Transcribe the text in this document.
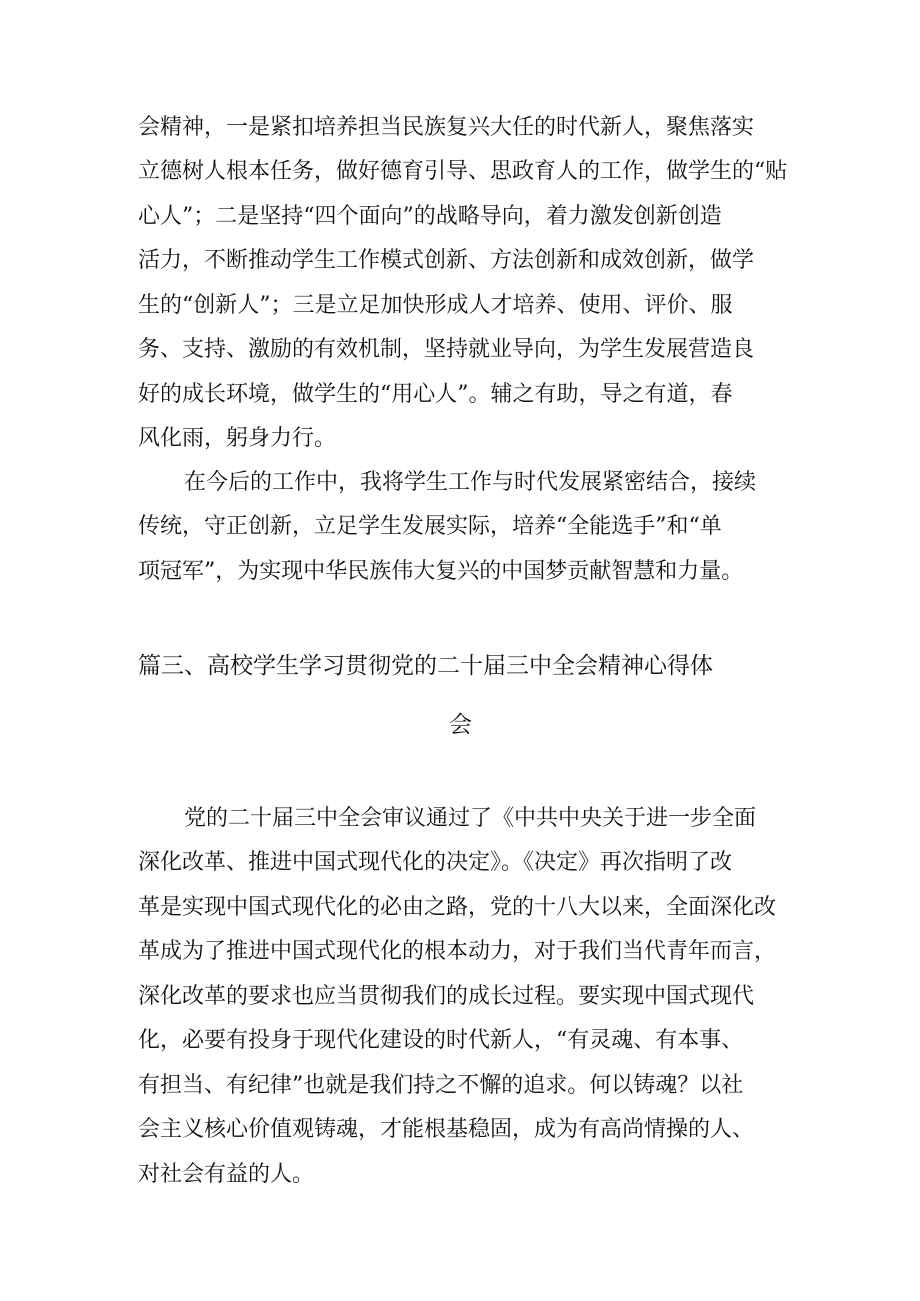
会精神，一是紧扣培养担当民族复兴大任的时代新人，聚焦落实
立德树人根本任务，做好德育引导、思政育人的工作，做学生的“贴
心人”；二是坚持“四个面向”的战略导向，着力激发创新创造
活力，不断推动学生工作模式创新、方法创新和成效创新，做学
生的“创新人”；三是立足加快形成人才培养、使用、评价、服
务、支持、激励的有效机制，坚持就业导向，为学生发展营造良
好的成长环境，做学生的“用心人”。辅之有助，导之有道，春
风化雨，躬身力行。
在今后的工作中，我将学生工作与时代发展紧密结合，接续
传统，守正创新，立足学生发展实际，培养“全能选手”和“单
项冠军”，为实现中华民族伟大复兴的中国梦贡献智慧和力量。
篇三、高校学生学习贯彻党的二十届三中全会精神心得体
会
党的二十届三中全会审议通过了《中共中央关于进一步全面
深化改革、推进中国式现代化的决定》。《决定》再次指明了改
革是实现中国式现代化的必由之路，党的十八大以来，全面深化改
革成为了推进中国式现代化的根本动力，对于我们当代青年而言，
深化改革的要求也应当贯彻我们的成长过程。要实现中国式现代
化，必要有投身于现代化建设的时代新人，“有灵魂、有本事、
有担当、有纪律”也就是我们持之不懈的追求。何以铸魂？以社
会主义核心价值观铸魂，才能根基稳固，成为有高尚情操的人、
对社会有益的人。
